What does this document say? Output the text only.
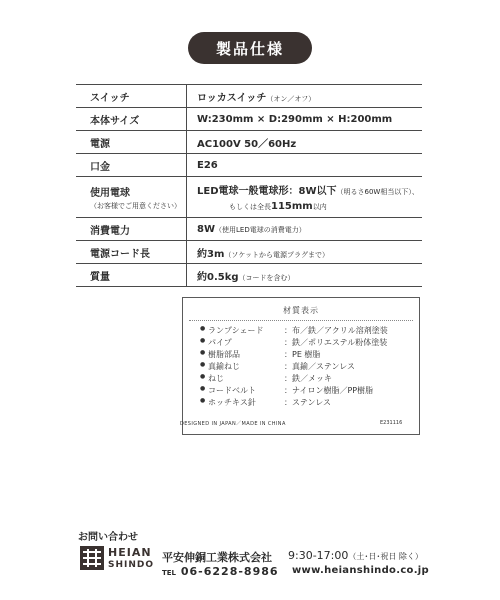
製品仕様
スイッチ	ロッカスイッチ（オン／オフ）
本体サイズ	W:230mm × D:290mm × H:200mm
電源	AC100V 50／60Hz
口金	E26
使用電球
（お客様でご用意ください）	LED電球一般電球形：8W以下（明るさ60W相当以下）、
もしくは全長115mm以内

消費電力	8W（使用LED電球の消費電力）
電源コード長	約3m（ソケットから電源プラグまで）
質量	約0.5kg（コードを含む）
材質表示
● ランプシェード	：布／鉄／アクリル溶剤塗装
● パイプ	：鉄／ポリエステル粉体塗装
● 樹脂部品	：PE 樹脂
● 真鍮ねじ	：真鍮／ステンレス
● ねじ	：鉄／メッキ
● コードベルト	：ナイロン樹脂／PP樹脂
● ホッチキス針	：ステンレス
DESIGNED IN JAPAN／MADE IN CHINA	E231116
お問い合わせ
HEIAN
SHINDO
平安伸銅工業株式会社 9:30-17:00（土･日･祝日 除く）
TEL 06-6228-8986 www.heianshindo.co.jp
